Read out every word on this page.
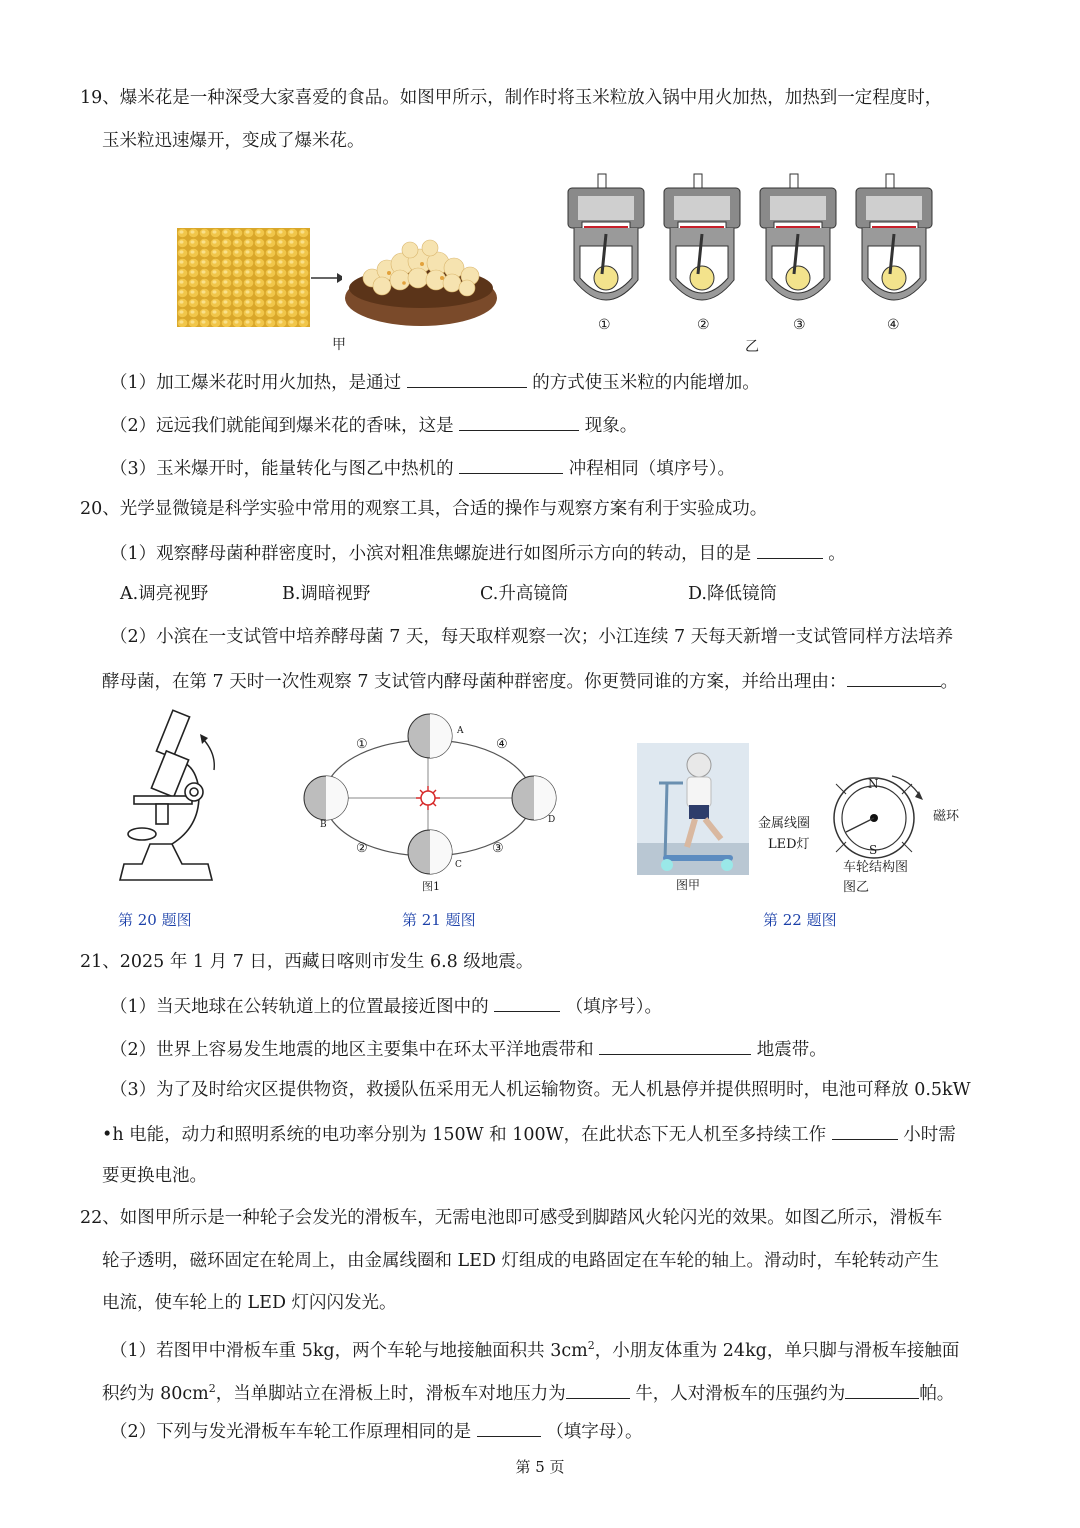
19、爆米花是一种深受大家喜爱的食品。如图甲所示，制作时将玉米粒放入锅中用火加热，加热到一定程度时，
玉米粒迅速爆开，变成了爆米花。
甲
①	②	③	④
乙
（1）加工爆米花时用火加热，是通过	的方式使玉米粒的内能增加。
（2）远远我们就能闻到爆米花的香味，这是	现象。
（3）玉米爆开时，能量转化与图乙中热机的	冲程相同（填序号）。
20、光学显微镜是科学实验中常用的观察工具，合适的操作与观察方案有利于实验成功。
（1）观察酵母菌种群密度时，小滨对粗准焦螺旋进行如图所示方向的转动，目的是	。
A.调亮视野	B.调暗视野	C.升高镜筒	D.降低镜筒
（2）小滨在一支试管中培养酵母菌 7 天，每天取样观察一次；小江连续 7 天每天新增一支试管同样方法培养
酵母菌，在第 7 天时一次性观察 7 支试管内酵母菌种群密度。你更赞同谁的方案，并给出理由：	。
①
②	③
④
A
B
C
D
图1	图甲
N
S
磁环
金属线圈
LED灯
车轮结构图
图乙
第 20 题图	第 21 题图	第 22 题图
21、2025 年 1 月 7 日，西藏日喀则市发生 6.8 级地震。
（1）当天地球在公转轨道上的位置最接近图中的	（填序号）。
（2）世界上容易发生地震的地区主要集中在环太平洋地震带和	地震带。
（3）为了及时给灾区提供物资，救援队伍采用无人机运输物资。无人机悬停并提供照明时，电池可释放 0.5kW
•h 电能，动力和照明系统的电功率分别为 150W 和 100W，在此状态下无人机至多持续工作	小时需
要更换电池。
22、如图甲所示是一种轮子会发光的滑板车，无需电池即可感受到脚踏风火轮闪光的效果。如图乙所示，滑板车
轮子透明，磁环固定在轮周上，由金属线圈和 LED 灯组成的电路固定在车轮的轴上。滑动时，车轮转动产生
电流，使车轮上的 LED 灯闪闪发光。
（1）若图甲中滑板车重 5kg，两个车轮与地接触面积共 $3cm^2$，小朋友体重为 24kg，单只脚与滑板车接触面
积约为 $80cm^2$，当单脚站立在滑板上时，滑板车对地压力为	牛，人对滑板车的压强约为	帕。
（2）下列与发光滑板车车轮工作原理相同的是	（填字母）。
第 5 页
